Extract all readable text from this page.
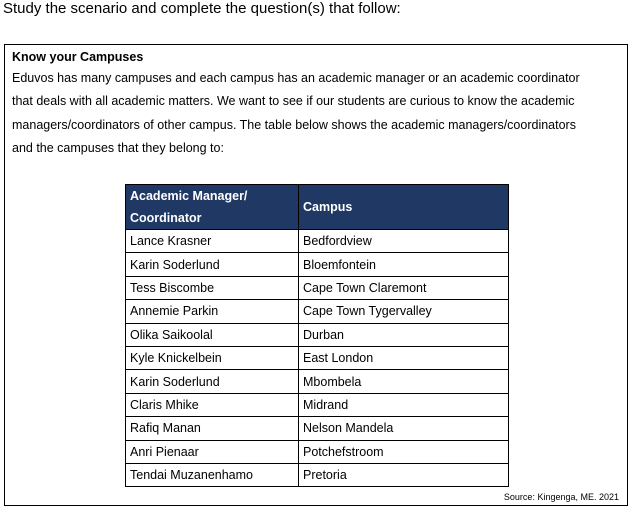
Study the scenario and complete the question(s) that follow:
Know your Campuses
Eduvos has many campuses and each campus has an academic manager or an academic coordinator
that deals with all academic matters. We want to see if our students are curious to know the academic
managers/coordinators of other campus. The table below shows the academic managers/coordinators
and the campuses that they belong to:
Academic Manager/
Coordinator	Campus
Lance Krasner	Bedfordview
Karin Soderlund	Bloemfontein
Tess Biscombe	Cape Town Claremont
Annemie Parkin	Cape Town Tygervalley
Olika Saikoolal	Durban
Kyle Knickelbein	East London
Karin Soderlund	Mbombela
Claris Mhike	Midrand
Rafiq Manan	Nelson Mandela
Anri Pienaar	Potchefstroom
Tendai Muzanenhamo	Pretoria
Source: Kingenga, ME. 2021
